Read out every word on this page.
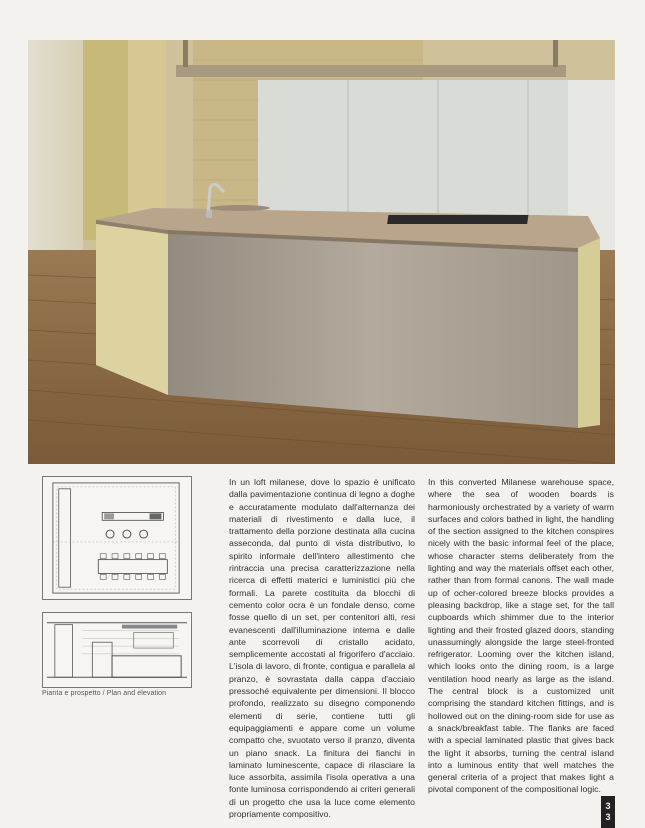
Pianta e prospetto / Plan and elevation

In un loft milanese, dove lo spazio è unificato dalla pavimentazione continua di legno a doghe e accuratamente modulato dall'alternanza dei materiali di rivestimento e dalla luce, il trattamento della porzione destinata alla cucina asseconda, dal punto di vista distributivo, lo spirito informale dell'intero allestimento che rintraccia una precisa caratterizzazione nella ricerca di effetti materici e luministici più che formali. La parete costituita da blocchi di cemento color ocra è un fondale denso, come fosse quello di un set, per contenitori alti, resi evanescenti dall'illuminazione interna e dalle ante scorrevoli di cristallo acidato, semplicemente accostati al frigorifero d'acciaio. L'isola di lavoro, di fronte, contigua e parallela al pranzo, è sovrastata dalla cappa d'acciaio pressoché equivalente per dimensioni. Il blocco profondo, realizzato su disegno componendo elementi di serie, contiene tutti gli equipaggiamenti e appare come un volume compatto che, svuotato verso il pranzo, diventa un piano snack. La finitura dei fianchi in laminato luminescente, capace di rilasciare la luce assorbita, assimila l'isola operativa a una fonte luminosa corrispondendo ai criteri generali di un progetto che usa la luce come elemento propriamente compositivo.

In this converted Milanese warehouse space, where the sea of wooden boards is harmoniously orchestrated by a variety of warm surfaces and colors bathed in light, the handling of the section assigned to the kitchen conspires nicely with the basic informal feel of the place, whose character stems deliberately from the lighting and way the materials offset each other, rather than from formal canons. The wall made up of ocher-colored breeze blocks provides a pleasing backdrop, like a stage set, for the tall cupboards which shimmer due to the interior lighting and their frosted glazed doors, standing unassumingly alongside the large steel-fronted refrigerator. Looming over the kitchen island, which looks onto the dining room, is a large ventilation hood nearly as large as the island. The central block is a customized unit comprising the standard kitchen fittings, and is hollowed out on the dining-room side for use as a snack/breakfast table. The flanks are faced with a special laminated plastic that gives back the light it absorbs, turning the central island into a luminous entity that well matches the general criteria of a project that makes light a pivotal component of the compositional logic.

3
3
